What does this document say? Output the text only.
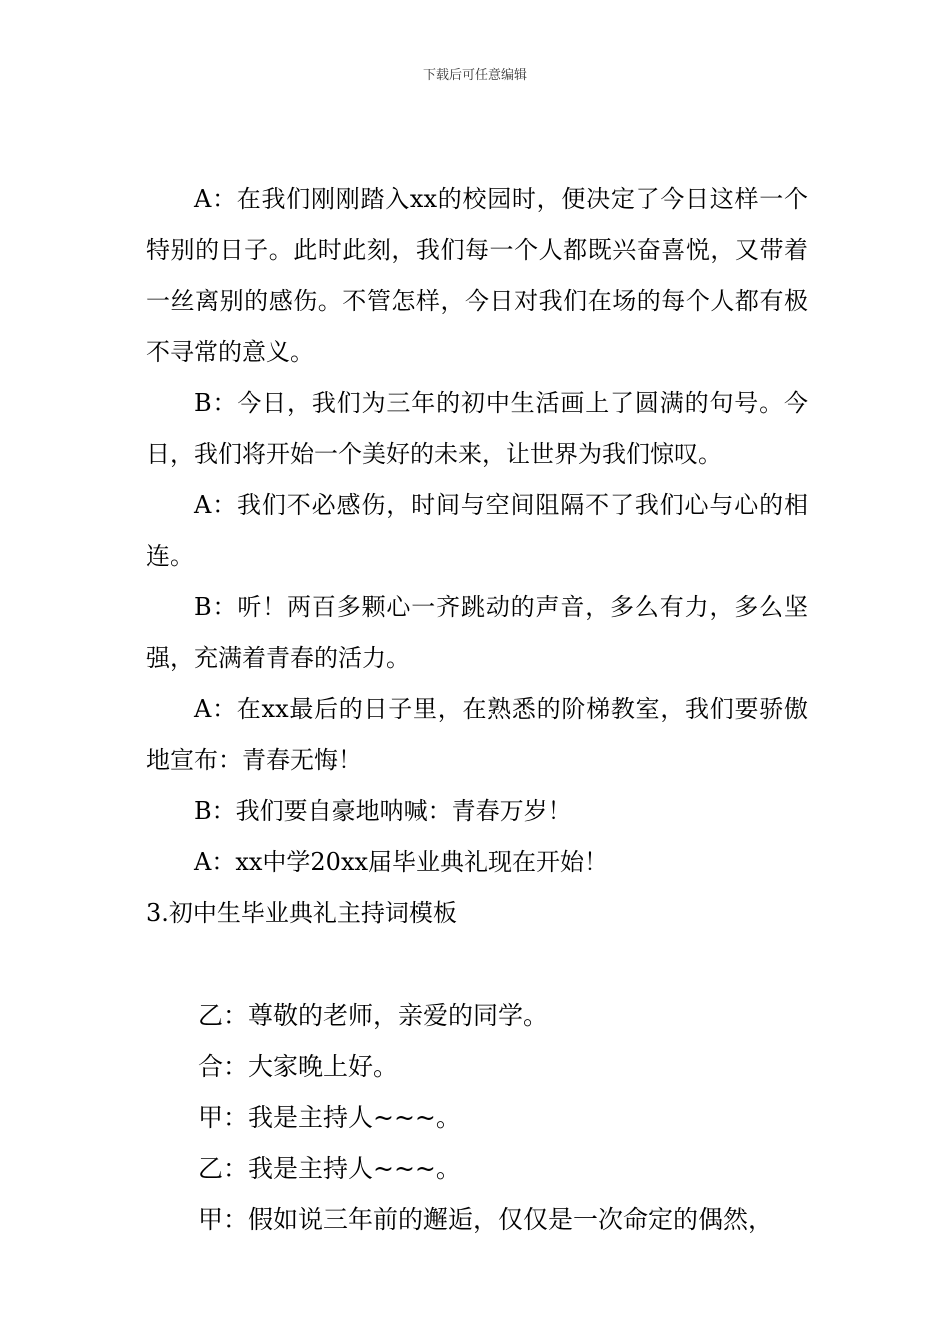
下载后可任意编辑

A：在我们刚刚踏入xx的校园时，便决定了今日这样一个特别的日子。此时此刻，我们每一个人都既兴奋喜悦，又带着一丝离别的感伤。不管怎样，今日对我们在场的每个人都有极不寻常的意义。

B：今日，我们为三年的初中生活画上了圆满的句号。今日，我们将开始一个美好的未来，让世界为我们惊叹。

A：我们不必感伤，时间与空间阻隔不了我们心与心的相连。

B：听！两百多颗心一齐跳动的声音，多么有力，多么坚强，充满着青春的活力。

A：在xx最后的日子里，在熟悉的阶梯教室，我们要骄傲地宣布：青春无悔！

B：我们要自豪地呐喊：青春万岁！

A：xx中学20xx届毕业典礼现在开始！

3.初中生毕业典礼主持词模板

乙：尊敬的老师，亲爱的同学。

合：大家晚上好。

甲：我是主持人~~~。

乙：我是主持人~~~。

甲：假如说三年前的邂逅，仅仅是一次命定的偶然，
